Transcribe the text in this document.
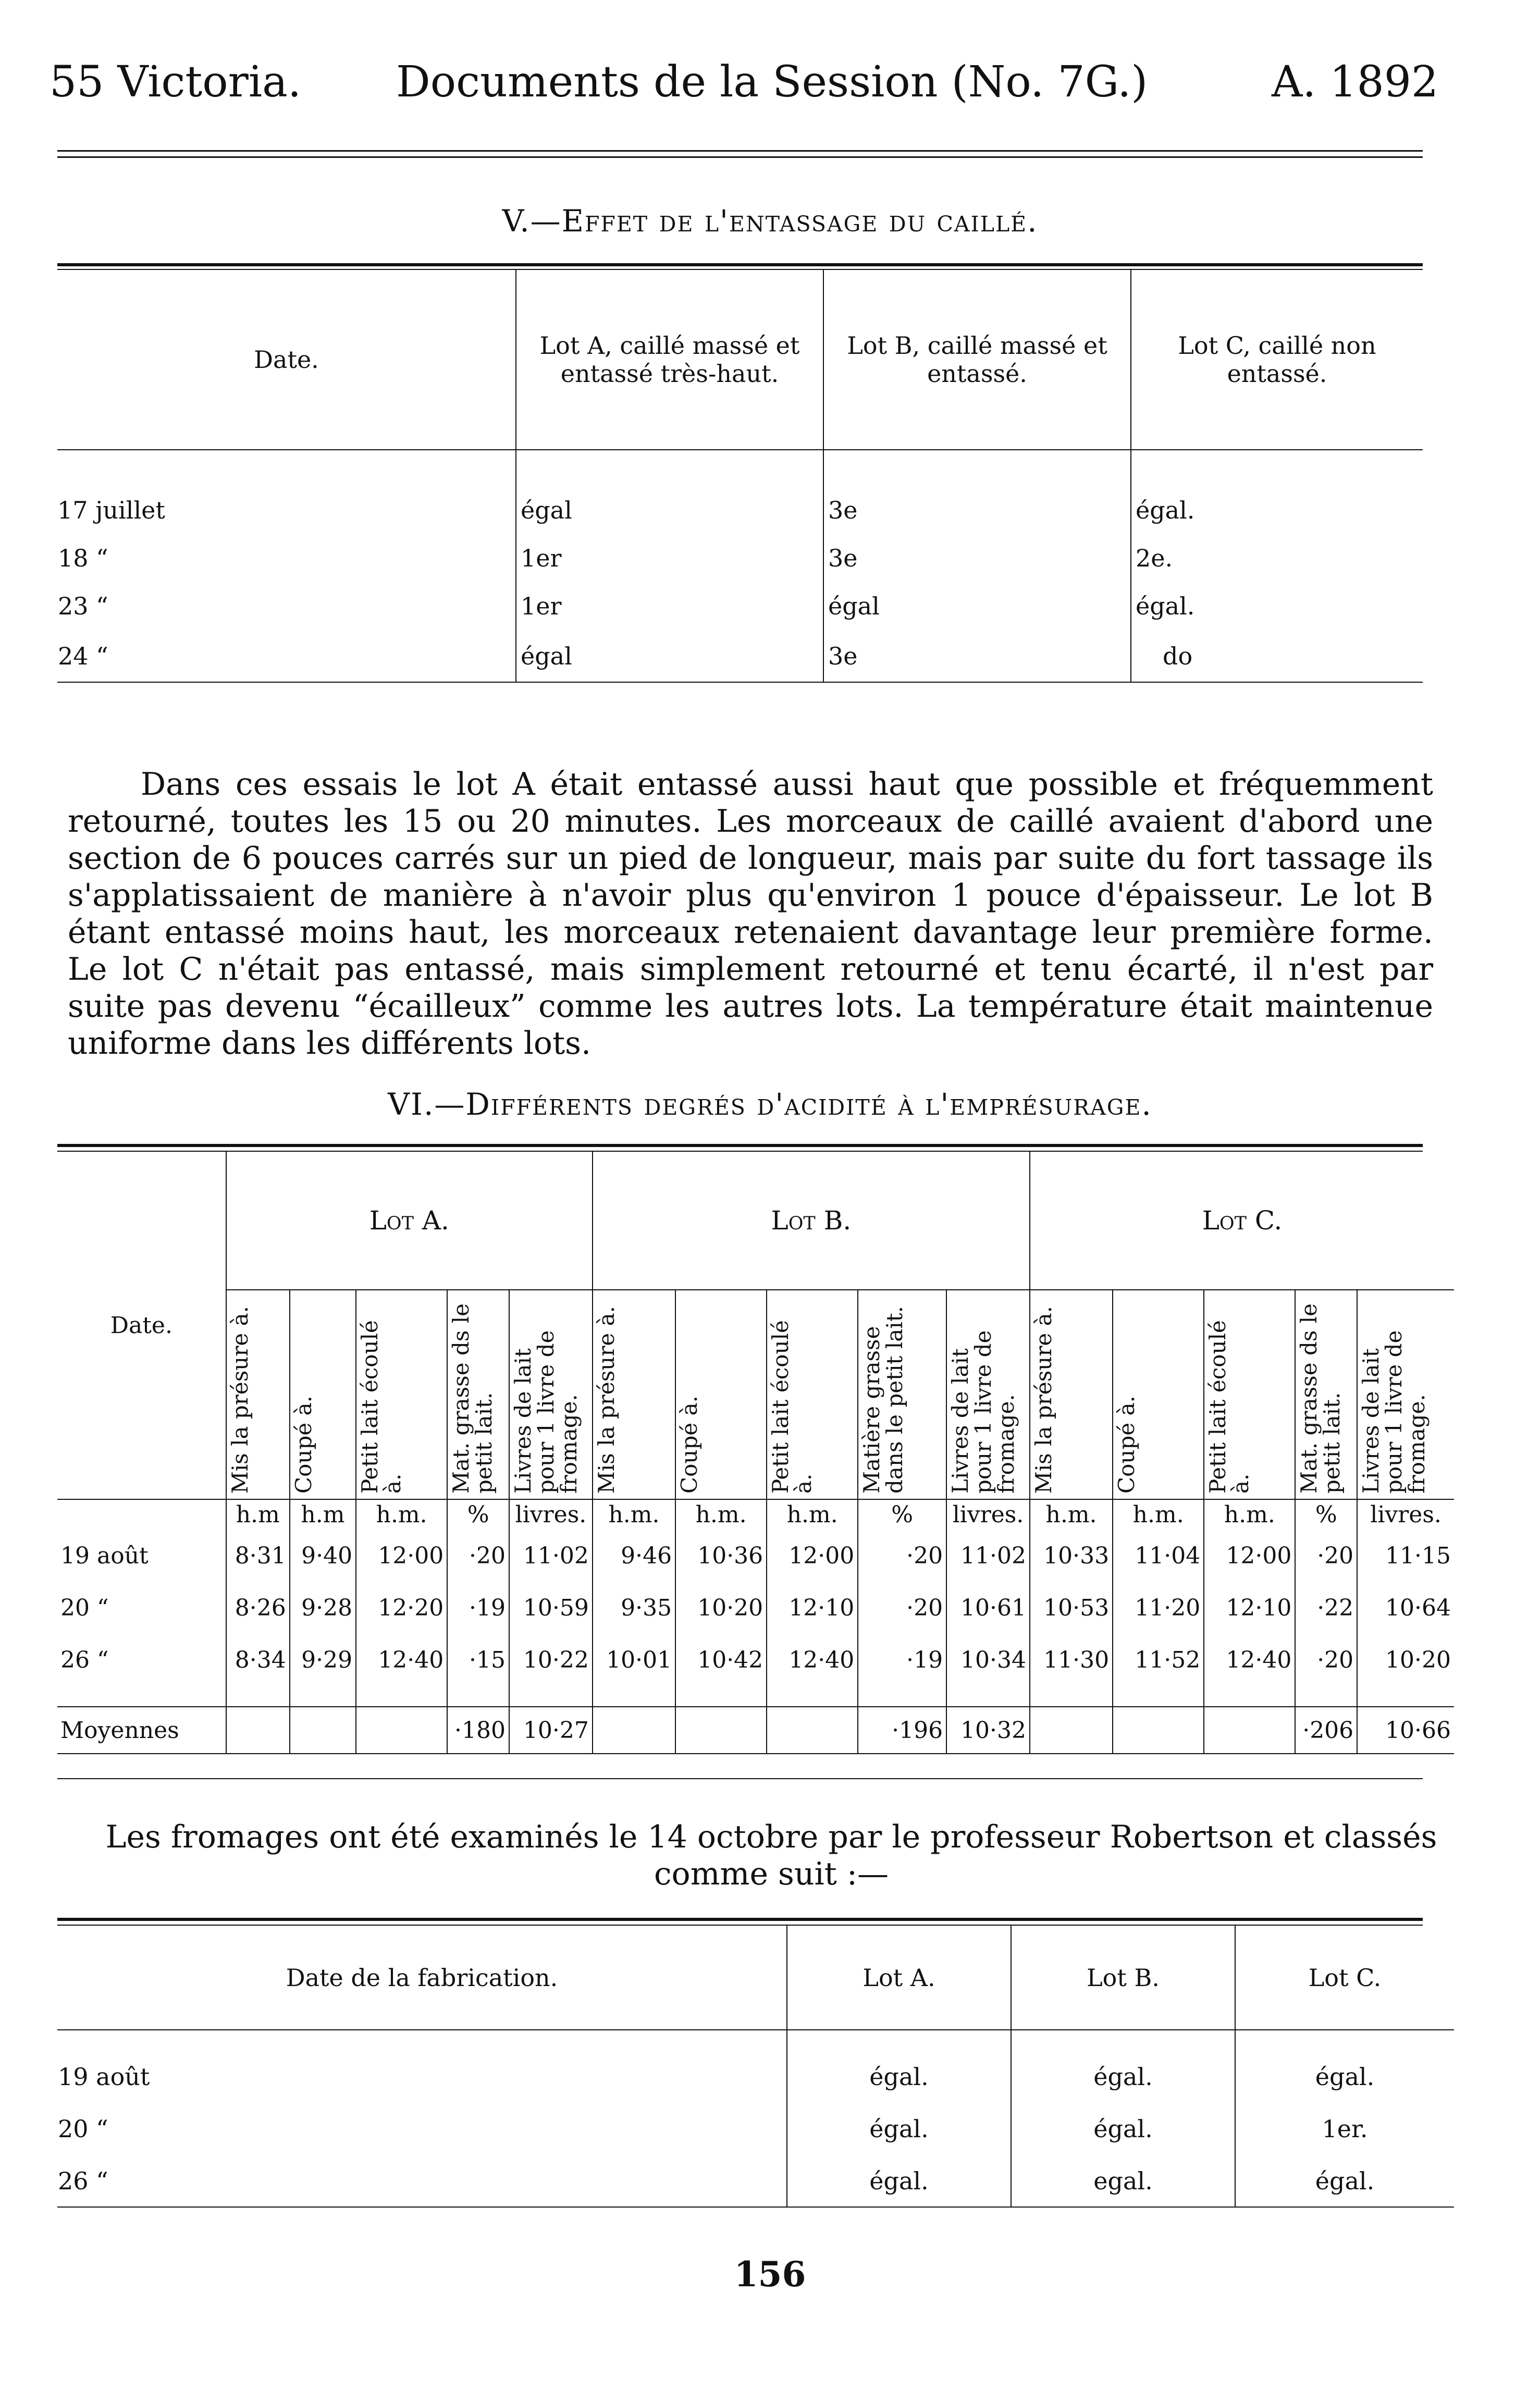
55 Victoria. Documents de la Session (No. 7G.)	A. 1892
V.—Effet de l'entassage du caillé.
Date.	Lot A, caillé massé et entassé très-haut.	Lot B, caillé massé et entassé.	Lot C, caillé non entassé.

17 juillet	égal	3e	égal.
18 “	1er	3e	2e.
23 “	1er	égal	égal.
24 “	égal	3e	do
Dans ces essais le lot A était entassé aussi haut que possible et fréquemment retourné, toutes les 15 ou 20 minutes. Les morceaux de caillé avaient d'abord une section de 6 pouces carrés sur un pied de longueur, mais par suite du fort tassage ils s'applatissaient de manière à n'avoir plus qu'environ 1 pouce d'épaisseur. Le lot B étant entassé moins haut, les morceaux retenaient davantage leur première forme. Le lot C n'était pas entassé, mais simplement retourné et tenu écarté, il n'est par suite pas devenu “écailleux” comme les autres lots. La température était maintenue uniforme dans les différents lots.
VI.—Différents degrés d'acidité à l'emprésurage.
Date.	Lot A.					Lot B.					Lot C.				

	Mis la présure à.	Coupé à.	Petit lait écoulé à.	Mat. grasse ds le petit lait.	Livres de lait pour 1 livre de fromage.	Mis la présure à.	Coupé à.	Petit lait écoulé à.	Matière grasse dans le petit lait.	Livres de lait pour 1 livre de fromage.	Mis la présure à.	Coupé à.	Petit lait écoulé à.	Mat. grasse ds le petit lait.	Livres de lait pour 1 livre de fromage.

	h.m	h.m	h.m.	%	livres.	h.m.	h.m.	h.m.	%	livres.	h.m.	h.m.	h.m.	%	livres.
19 août	8·31	9·40	12·00	·20	11·02	9·46	10·36	12·00	·20	11·02	10·33	11·04	12·00	·20	11·15
20 “	8·26	9·28	12·20	·19	10·59	9·35	10·20	12·10	·20	10·61	10·53	11·20	12·10	·22	10·64
26 “	8·34	9·29	12·40	·15	10·22	10·01	10·42	12·40	·19	10·34	11·30	11·52	12·40	·20	10·20

Moyennes				·180	10·27				·196	10·32				·206	10·66
Les fromages ont été examinés le 14 octobre par le professeur Robertson et classés comme suit :—
Date de la fabrication.	Lot A.	Lot B.	Lot C.

19 août	égal.	égal.	égal.
20 “	égal.	égal.	1er.
26 “	égal.	egal.	égal.
156
